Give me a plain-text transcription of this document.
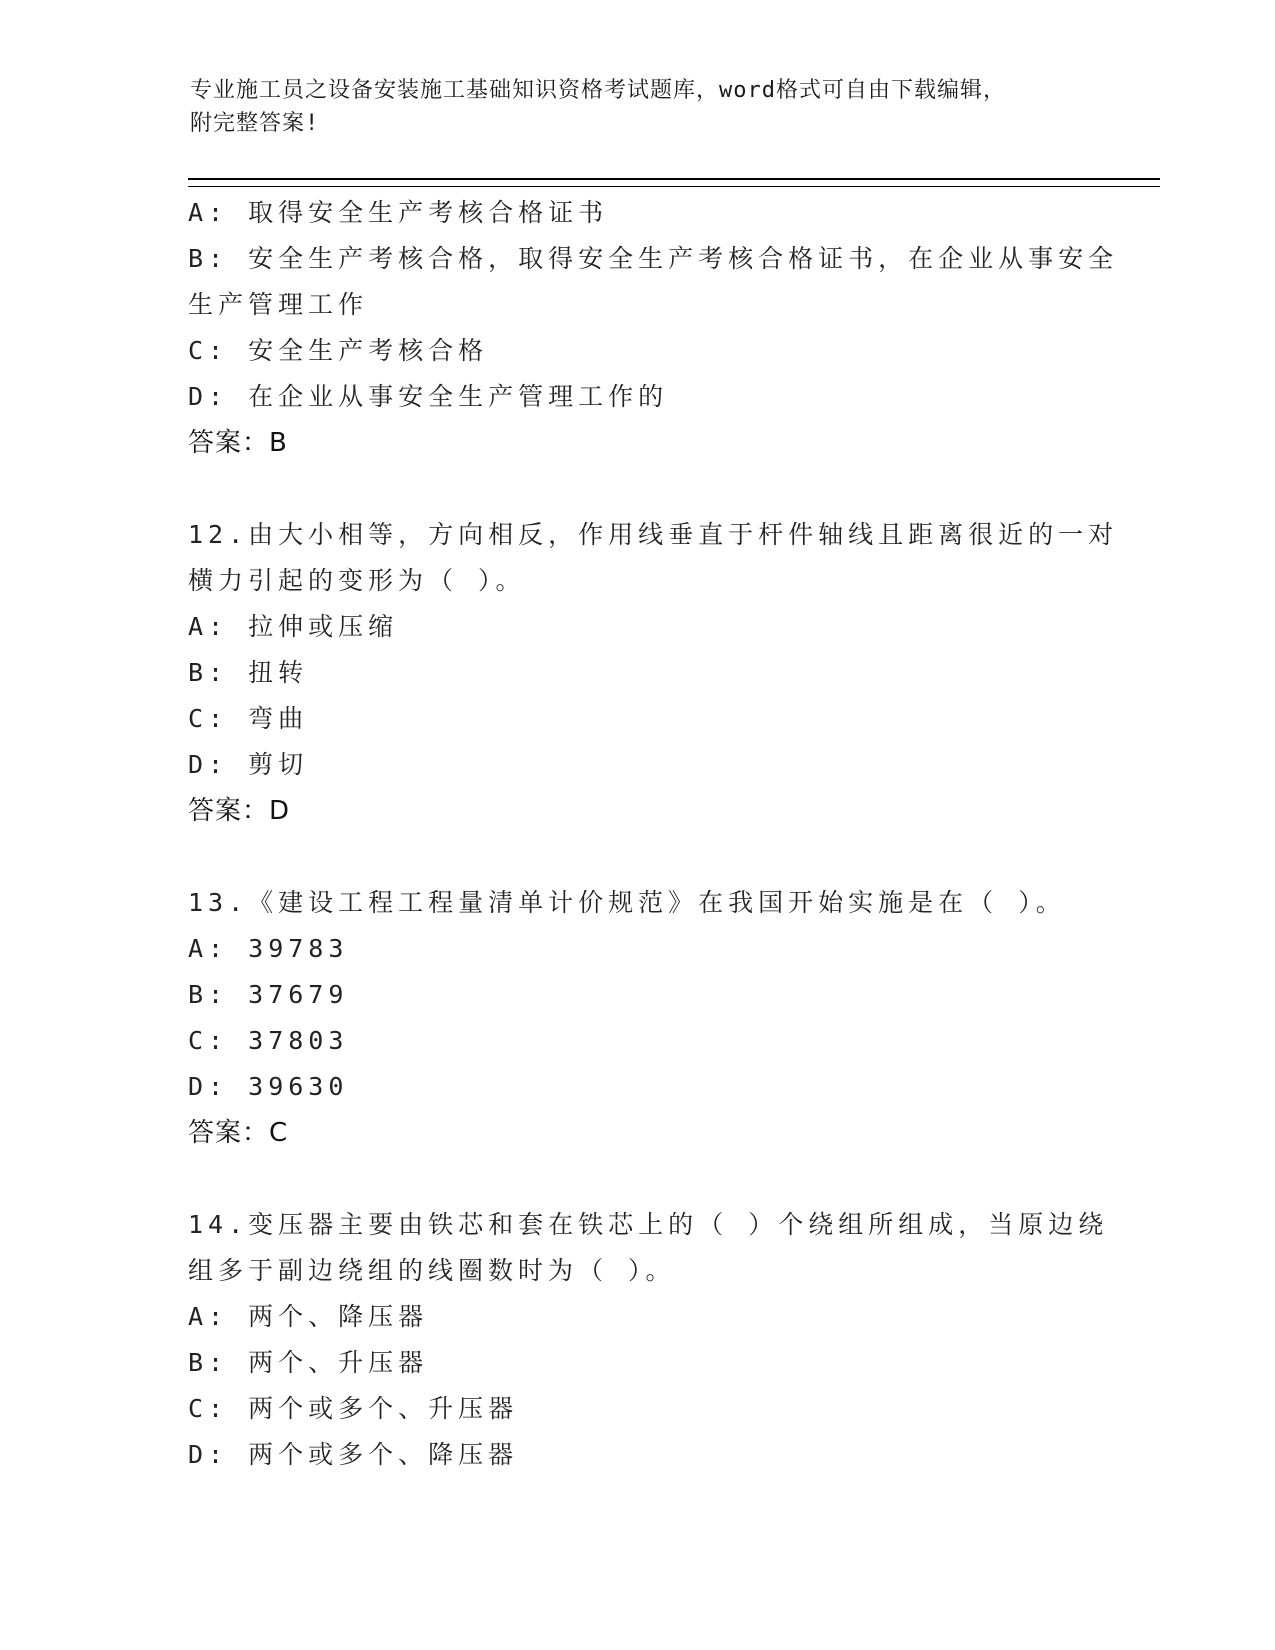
专业施工员之设备安装施工基础知识资格考试题库，word格式可自由下载编辑，
附完整答案!
A: 取得安全生产考核合格证书
B: 安全生产考核合格，取得安全生产考核合格证书，在企业从事安全
生产管理工作
C: 安全生产考核合格
D: 在企业从事安全生产管理工作的
答案：B
12.由大小相等，方向相反，作用线垂直于杆件轴线且距离很近的一对
横力引起的变形为（ ）。
A: 拉伸或压缩
B: 扭转
C: 弯曲
D: 剪切
答案：D
13.《建设工程工程量清单计价规范》在我国开始实施是在（ ）。
A: 39783
B: 37679
C: 37803
D: 39630
答案：C
14.变压器主要由铁芯和套在铁芯上的（ ）个绕组所组成，当原边绕
组多于副边绕组的线圈数时为（ ）。
A: 两个、降压器
B: 两个、升压器
C: 两个或多个、升压器
D: 两个或多个、降压器
